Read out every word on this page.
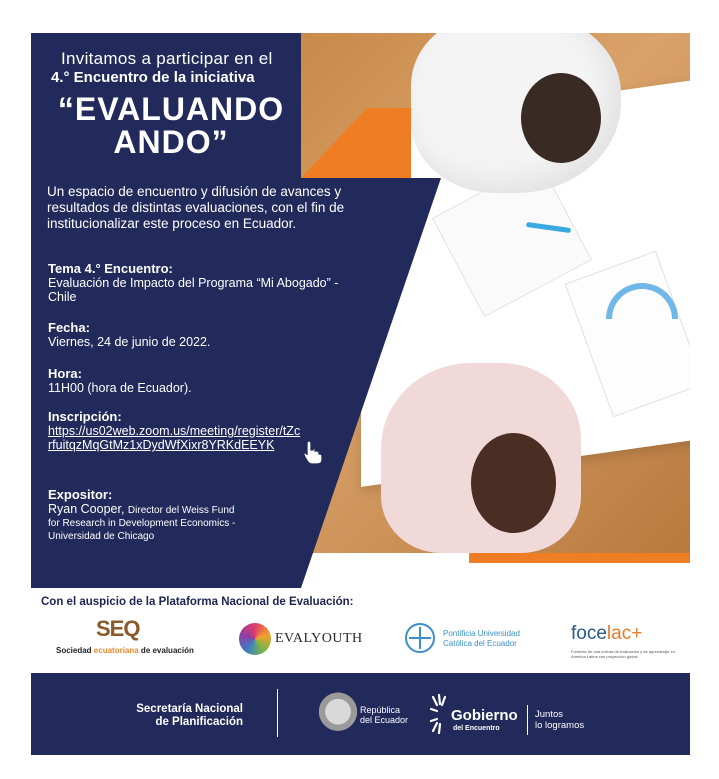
Invitamos a participar en el
4.° Encuentro de la iniciativa
“EVALUANDO
ANDO”
Un espacio de encuentro y difusión de avances y resultados de distintas evaluaciones, con el fin de institucionalizar este proceso en Ecuador.
Tema 4.° Encuentro:
Evaluación de Impacto del Programa “Mi Abogado” - Chile
Fecha:
Viernes, 24 de junio de 2022.
Hora:
11H00 (hora de Ecuador).
Inscripción:
https://us02web.zoom.us/meeting/register/tZcrfuitqzMqGtMz1xDydWfXixr8YRKdEEYK
Expositor:
Ryan Cooper, Director del Weiss Fund
for Research in Development Economics -
Universidad de Chicago
Con el auspicio de la Plataforma Nacional de Evaluación:
SEQ
Sociedad ecuatoriana de evaluación
EVALYOUTH	Pontificia Universidad
Católica del Ecuador	focelac+
Fomento de una cultura de evaluación y de aprendizaje en América Latina con proyección global
Secretaría Nacional
de Planificación
República
del Ecuador	Gobierno
del Encuentro
Juntos
lo logramos
